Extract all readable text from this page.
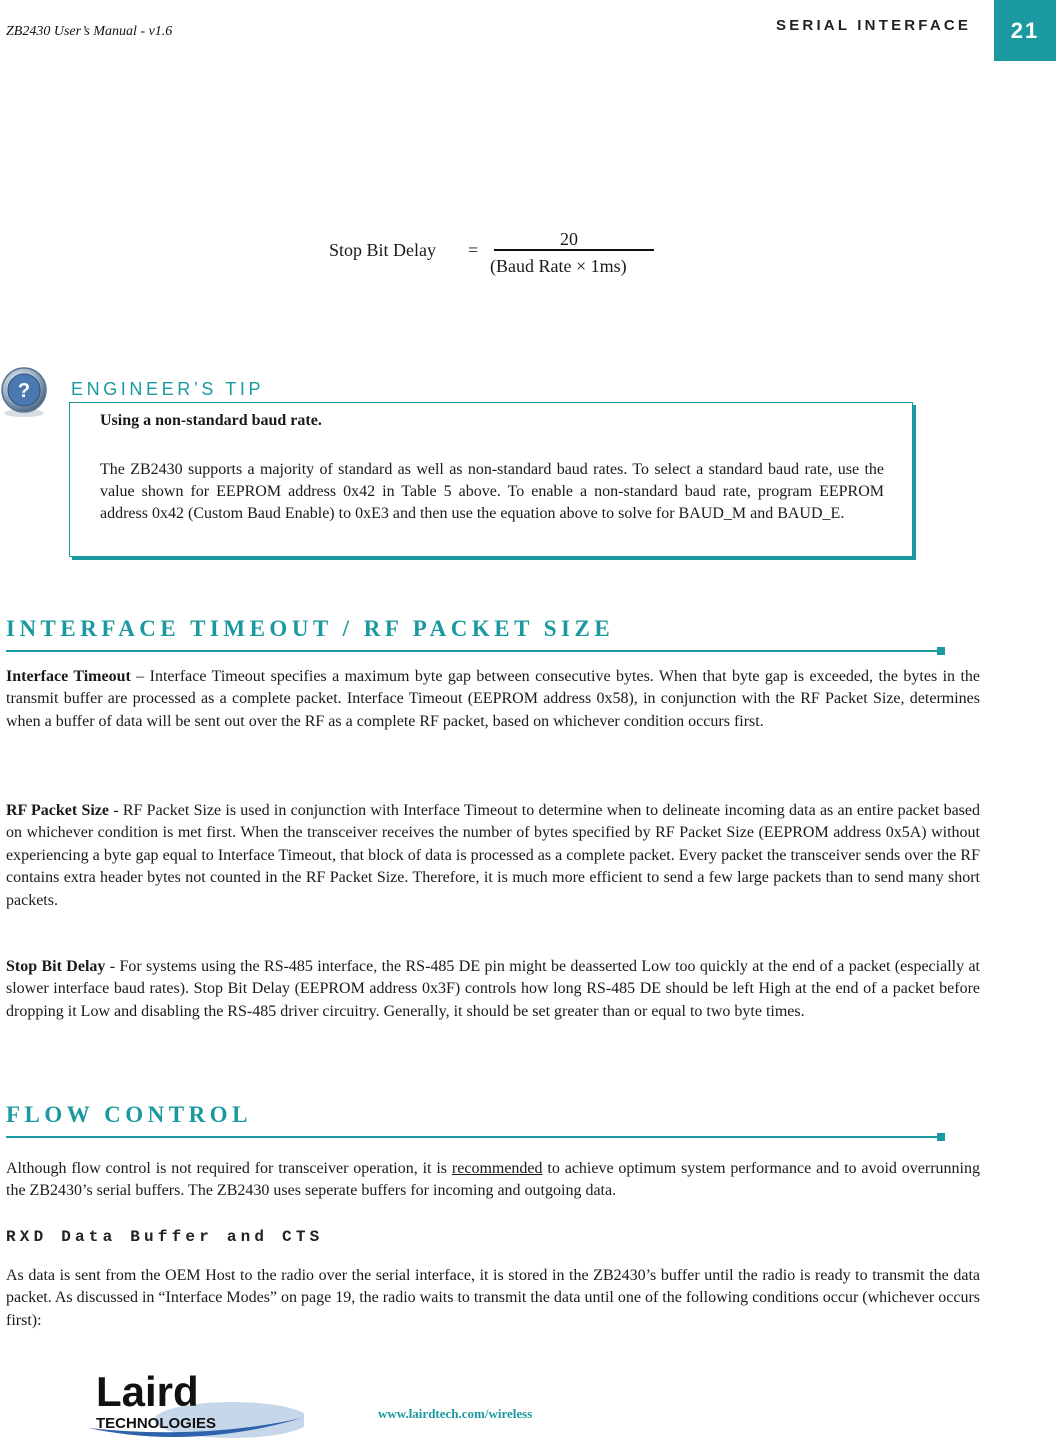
ZB2430 User’s Manual - v1.6	SERIAL INTERFACE	21
Stop Bit Delay =
20
(Baud Rate × 1ms)
? ENGINEER’S TIP
Using a non-standard baud rate.
The ZB2430 supports a majority of standard as well as non-standard baud rates. To select a standard baud rate, use the value shown for EEPROM address 0x42 in Table 5 above. To enable a non-standard baud rate, program EEPROM address 0x42 (Custom Baud Enable) to 0xE3 and then use the equation above to solve for BAUD_M and BAUD_E.
INTERFACE TIMEOUT / RF PACKET SIZE
Interface Timeout – Interface Timeout specifies a maximum byte gap between consecutive bytes. When that byte gap is exceeded, the bytes in the transmit buffer are processed as a complete packet. Interface Timeout (EEPROM address 0x58), in conjunction with the RF Packet Size, determines when a buffer of data will be sent out over the RF as a complete RF packet, based on whichever condition occurs first.
RF Packet Size - RF Packet Size is used in conjunction with Interface Timeout to determine when to delineate incoming data as an entire packet based on whichever condition is met first. When the transceiver receives the number of bytes specified by RF Packet Size (EEPROM address 0x5A) without experiencing a byte gap equal to Interface Timeout, that block of data is processed as a complete packet. Every packet the transceiver sends over the RF contains extra header bytes not counted in the RF Packet Size. Therefore, it is much more efficient to send a few large packets than to send many short packets.
Stop Bit Delay - For systems using the RS-485 interface, the RS-485 DE pin might be deasserted Low too quickly at the end of a packet (especially at slower interface baud rates). Stop Bit Delay (EEPROM address 0x3F) controls how long RS-485 DE should be left High at the end of a packet before dropping it Low and disabling the RS-485 driver circuitry. Generally, it should be set greater than or equal to two byte times.
FLOW CONTROL
Although flow control is not required for transceiver operation, it is recommended to achieve optimum system performance and to avoid overrunning the ZB2430’s serial buffers. The ZB2430 uses seperate buffers for incoming and outgoing data.
RXD Data Buffer and CTS
As data is sent from the OEM Host to the radio over the serial interface, it is stored in the ZB2430’s buffer until the radio is ready to transmit the data packet. As discussed in “Interface Modes” on page 19, the radio waits to transmit the data until one of the following conditions occur (whichever occurs first):
Laird
TECHNOLOGIES
www.lairdtech.com/wireless
